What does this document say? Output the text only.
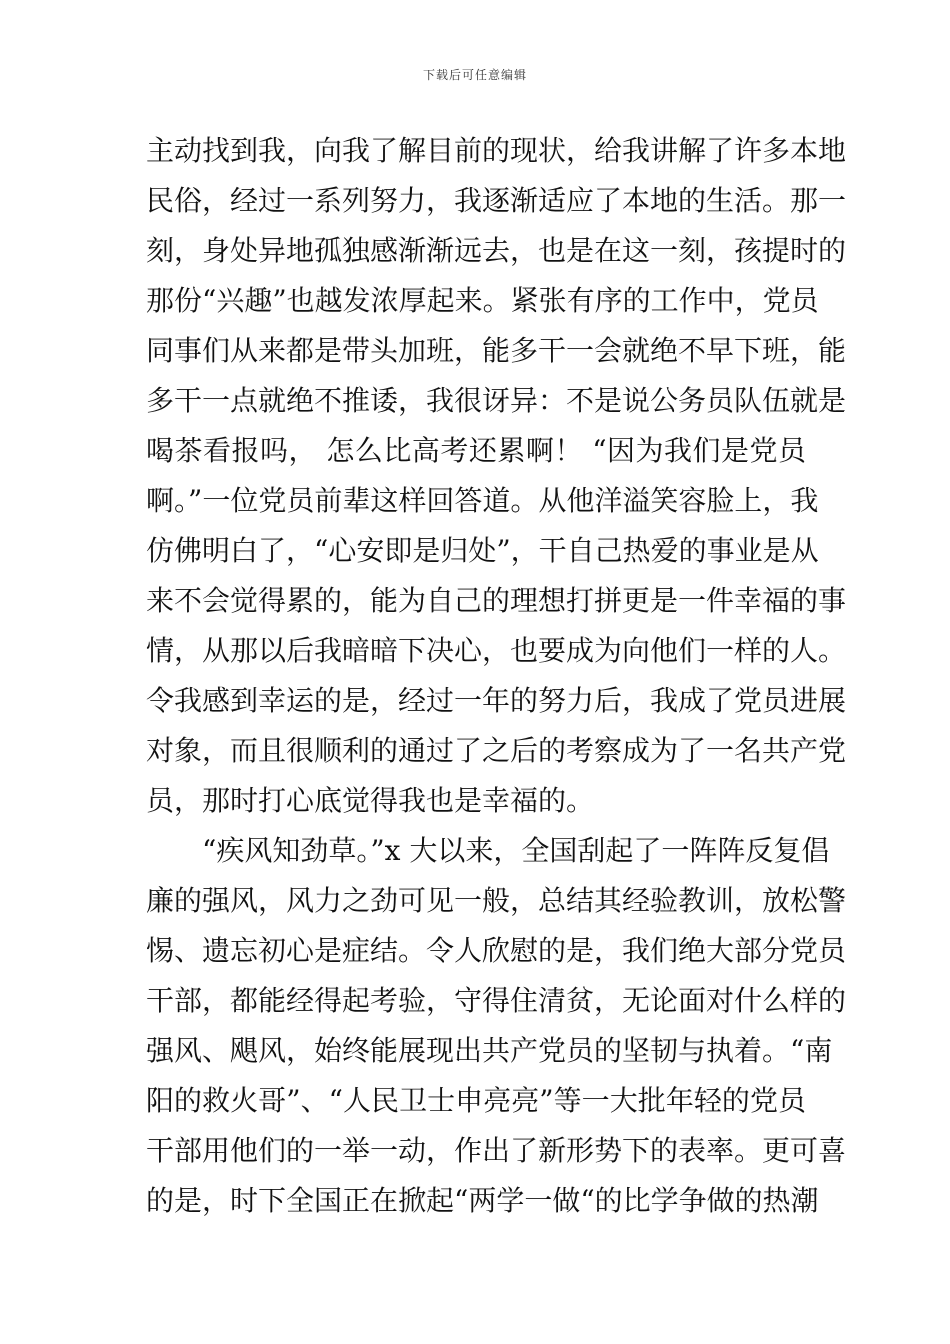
下载后可任意编辑
主动找到我，向我了解目前的现状，给我讲解了许多本地
民俗，经过一系列努力，我逐渐适应了本地的生活。那一
刻，身处异地孤独感渐渐远去，也是在这一刻，孩提时的
那份“兴趣”也越发浓厚起来。紧张有序的工作中，党员
同事们从来都是带头加班，能多干一会就绝不早下班，能
多干一点就绝不推诿，我很讶异：不是说公务员队伍就是
喝茶看报吗， 怎么比高考还累啊！ “因为我们是党员
啊。”一位党员前辈这样回答道。从他洋溢笑容脸上，我
仿佛明白了，“心安即是归处”，干自己热爱的事业是从
来不会觉得累的，能为自己的理想打拼更是一件幸福的事
情，从那以后我暗暗下决心，也要成为向他们一样的人。
令我感到幸运的是，经过一年的努力后，我成了党员进展
对象，而且很顺利的通过了之后的考察成为了一名共产党
员，那时打心底觉得我也是幸福的。
“疾风知劲草。”x 大以来，全国刮起了一阵阵反复倡
廉的强风，风力之劲可见一般，总结其经验教训，放松警
惕、遗忘初心是症结。令人欣慰的是，我们绝大部分党员
干部，都能经得起考验，守得住清贫，无论面对什么样的
强风、飓风，始终能展现出共产党员的坚韧与执着。“南
阳的救火哥”、“人民卫士申亮亮”等一大批年轻的党员
干部用他们的一举一动，作出了新形势下的表率。更可喜
的是，时下全国正在掀起“两学一做“的比学争做的热潮
